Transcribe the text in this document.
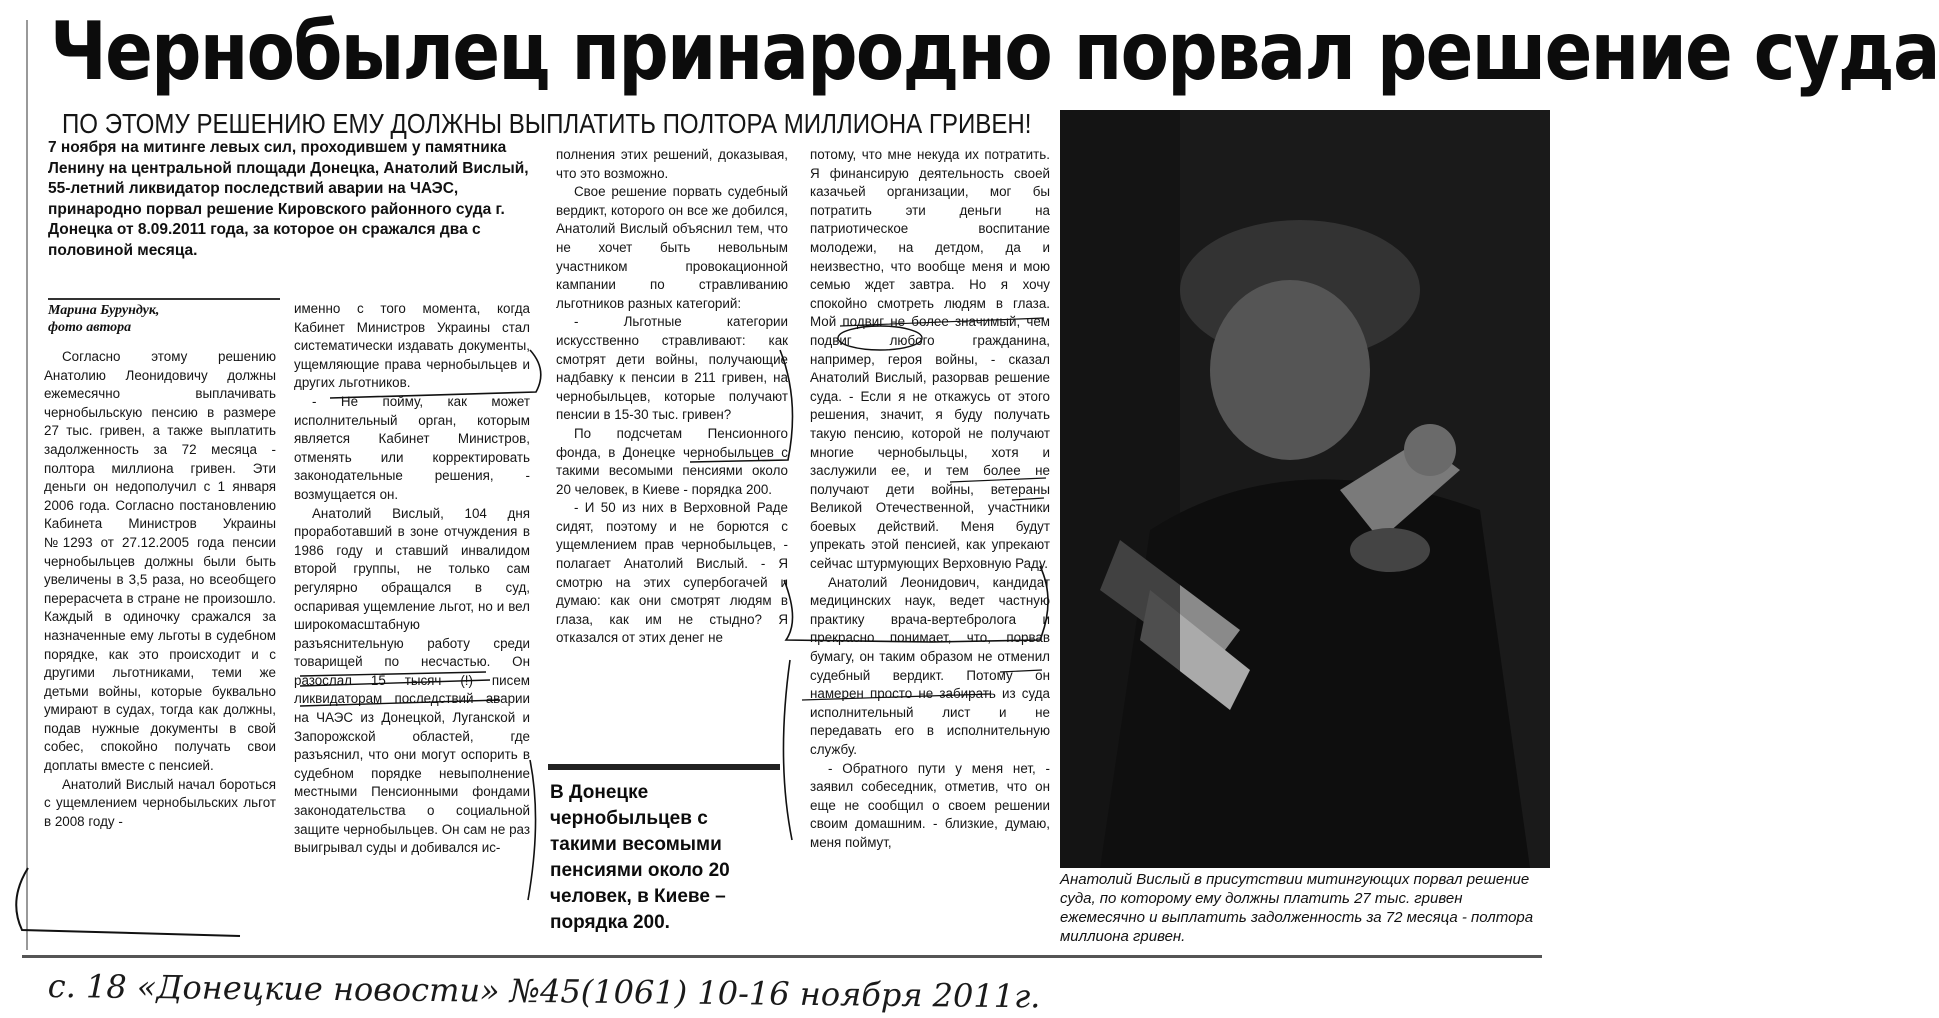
Чернобылец принародно порвал решение суда
ПО ЭТОМУ РЕШЕНИЮ ЕМУ ДОЛЖНЫ ВЫПЛАТИТЬ ПОЛТОРА МИЛЛИОНА ГРИВЕН!
7 ноября на митинге левых сил, проходившем у памятника Ленину на центральной площади Донецка, Анатолий Вислый, 55-летний ликвидатор последствий аварии на ЧАЭС, принародно порвал решение Кировского районного суда г. Донецка от 8.09.2011 года, за которое он сражался два с половиной месяца.
Марина Бурундук,
фото автора

Согласно этому решению Анатолию Леонидовичу должны ежемесячно выплачивать чернобыльскую пенсию в размере 27 тыс. гривен, а также выплатить задолженность за 72 месяца - полтора миллиона гривен. Эти деньги он недополучил с 1 января 2006 года. Согласно постановлению Кабинета Министров Украины №1293 от 27.12.2005 года пенсии чернобыльцев должны были быть увеличены в 3,5 раза, но всеобщего перерасчета в стране не произошло. Каждый в одиночку сражался за назначенные ему льготы в судебном порядке, как это происходит и с другими льготниками, теми же детьми войны, которые буквально умирают в судах, тогда как должны, подав нужные документы в свой собес, спокойно получать свои доплаты вместе с пенсией.

Анатолий Вислый начал бороться с ущемлением чернобыльских льгот в 2008 году -

именно с того момента, когда Кабинет Министров Украины стал систематически издавать документы, ущемляющие права чернобыльцев и других льготников.

- Не пойму, как может исполнительный орган, которым является Кабинет Министров, отменять или корректировать законодательные решения, - возмущается он.

Анатолий Вислый, 104 дня проработавший в зоне отчуждения в 1986 году и ставший инвалидом второй группы, не только сам регулярно обращался в суд, оспаривая ущемление льгот, но и вел широкомасштабную разъяснительную работу среди товарищей по несчастью. Он разослал 15 тысяч (!) писем ликвидаторам последствий аварии на ЧАЭС из Донецкой, Луганской и Запорожской областей, где разъяснил, что они могут оспорить в судебном порядке невыполнение местными Пенсионными фондами законодательства о социальной защите чернобыльцев. Он сам не раз выигрывал суды и добивался ис-

полнения этих решений, доказывая, что это возможно.

Свое решение порвать судебный вердикт, которого он все же добился, Анатолий Вислый объяснил тем, что не хочет быть невольным участником провокационной кампании по стравливанию льготников разных категорий:

- Льготные категории искусственно стравливают: как смотрят дети войны, получающие надбавку к пенсии в 211 гривен, на чернобыльцев, которые получают пенсии в 15-30 тыс. гривен?

По подсчетам Пенсионного фонда, в Донецке чернобыльцев с такими весомыми пенсиями около 20 человек, в Киеве - порядка 200.

- И 50 из них в Верховной Раде сидят, поэтому и не борются с ущемлением прав чернобыльцев, - полагает Анатолий Вислый. - Я смотрю на этих супербогачей и думаю: как они смотрят людям в глаза, как им не стыдно? Я отказался от этих денег не

В Донецке чернобыльцев с такими весомыми пенсиями около 20 человек, в Киеве – порядка 200.

потому, что мне некуда их потратить. Я финансирую деятельность своей казачьей организации, мог бы потратить эти деньги на патриотическое воспитание молодежи, на детдом, да и неизвестно, что вообще меня и мою семью ждет завтра. Но я хочу спокойно смотреть людям в глаза. Мой подвиг не более значимый, чем подвиг любого гражданина, например, героя войны, - сказал Анатолий Вислый, разорвав решение суда. - Если я не откажусь от этого решения, значит, я буду получать такую пенсию, которой не получают многие чернобыльцы, хотя и заслужили ее, и тем более не получают дети войны, ветераны Великой Отечественной, участники боевых действий. Меня будут упрекать этой пенсией, как упрекают сейчас штурмующих Верховную Раду.

Анатолий Леонидович, кандидат медицинских наук, ведет частную практику врача-вертебролога и прекрасно понимает, что, порвав бумагу, он таким образом не отменил судебный вердикт. Потому он намерен просто не забирать из суда исполнительный лист и не передавать его в исполнительную службу.

- Обратного пути у меня нет, - заявил собеседник, отметив, что он еще не сообщил о своем решении своим домашним. - близкие, думаю, меня поймут,

Анатолий Вислый в присутствии митингующих порвал решение суда, по которому ему должны платить 27 тыс. гривен ежемесячно и выплатить задолженность за 72 месяца - полтора миллиона гривен.
с. 18 «Донецкие новости» №45(1061) 10-16 ноября 2011г.
